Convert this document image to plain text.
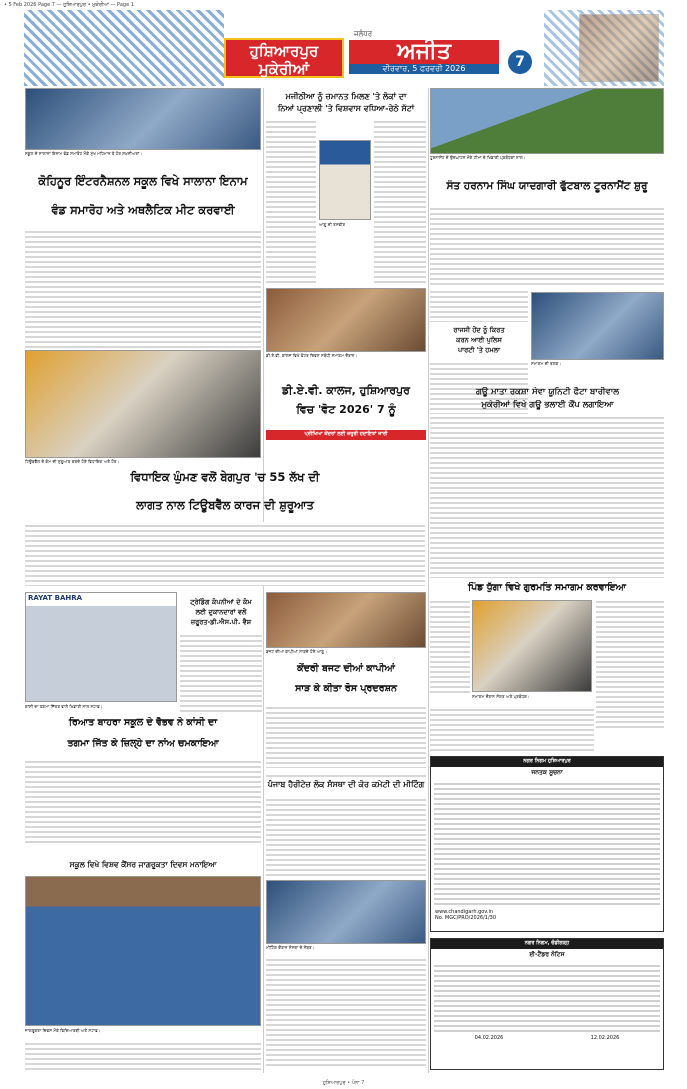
• 5 Feb 2026 Page 7 — ਹੁਸ਼ਿਆਰਪੁਰ • ਮੁਕੇਰੀਆਂ — Page 1
ਹੁਸ਼ਿਆਰਪੁਰ
ਮੁਕੇਰੀਆਂ
ਜਲੰਧਰ
ਅਜੀਤ
ਵੀਰਵਾਰ, 5 ਫਰਵਰੀ 2026	7
ਸਕੂਲ ਦੇ ਸਾਲਾਨਾ ਇਨਾਮ ਵੰਡ ਸਮਾਰੋਹ ਮੌਕੇ ਮੁੱਖ ਮਹਿਮਾਨ ਤੇ ਹੋਰ ਸ਼ਖ਼ਸੀਅਤਾਂ।
ਕੋਹਿਨੂਰ ਇੰਟਰਨੈਸ਼ਨਲ ਸਕੂਲ ਵਿਖੇ ਸਾਲਾਨਾ ਇਨਾਮ
ਵੰਡ ਸਮਾਰੋਹ ਅਤੇ ਅਥਲੈਟਿਕ ਮੀਟ ਕਰਵਾਈ
ਟਿਊਬਵੈੱਲ ਦੇ ਕੰਮ ਦੀ ਸ਼ੁਰੂਆਤ ਕਰਦੇ ਹੋਏ ਵਿਧਾਇਕ ਅਤੇ ਹੋਰ।
ਮਜੀਠੀਆ ਨੂੰ ਜ਼ਮਾਨਤ ਮਿਲਣ 'ਤੇ ਲੋਕਾਂ ਦਾ
ਨਿਆਂ ਪ੍ਰਣਾਲੀ 'ਤੇ ਵਿਸ਼ਵਾਸ ਵਧਿਆ-ਰੇਠੇ ਸੱਟਾਂ
ਆਗੂ ਦੀ ਤਸਵੀਰ
ਡੀ.ਏ.ਵੀ. ਕਾਲਜ ਵਿਖੇ ਵੋਟਰ ਦਿਵਸ ਸਬੰਧੀ ਸਮਾਗਮ ਦੌਰਾਨ।
ਡੀ.ਏ.ਵੀ. ਕਾਲਜ, ਹੁਸ਼ਿਆਰਪੁਰ
ਵਿਚ 'ਵੋਟ 2026' 7 ਨੂੰ
ਪ੍ਰੀਖਿਆ ਕੇਂਦਰਾਂ ਲਈ ਜ਼ਰੂਰੀ ਹਦਾਇਤਾਂ ਜਾਰੀ
ਟੂਰਨਾਮੈਂਟ ਦੇ ਉਦਘਾਟਨ ਮੌਕੇ ਟੀਮਾਂ ਦੇ ਖਿਡਾਰੀ ਪ੍ਰਬੰਧਕਾਂ ਨਾਲ।
ਸੰਤ ਹਰਨਾਮ ਸਿੰਘ ਯਾਦਗਾਰੀ ਫੁੱਟਬਾਲ ਟੂਰਨਾਮੈਂਟ ਸ਼ੁਰੂ
ਰਾਜਸੀ ਹੋਂਦ ਨੂੰ ਕਿਰਤ
ਕਰਨ ਆਈ ਪੁਲਿਸ
ਪਾਰਟੀ 'ਤੇ ਹਮਲਾ
ਸਮਾਗਮ ਦੀ ਝਲਕ।
ਗਊ ਮਾਤਾ ਰਕਸ਼ਾ ਸੇਵਾ ਯੂਨਿਟੀ ਫੈਟਾ ਬਾਰੀਵਾਲ
ਮੁਕੇਰੀਆਂ ਵਿਖੇ ਗਊ ਭਲਾਈ ਕੈਂਪ ਲਗਾਇਆ
ਵਿਧਾਇਕ ਘੁੰਮਣ ਵਲੋਂ ਬੇਗਪੁਰ 'ਚ 55 ਲੱਖ ਦੀ
ਲਾਗਤ ਨਾਲ ਟਿਊਬਵੈੱਲ ਕਾਰਜ ਦੀ ਸ਼ੁਰੂਆਤ
RAYAT BAHRA
ਕਾਂਸੀ ਦਾ ਤਗਮਾ ਜਿੱਤਣ ਵਾਲੇ ਖਿਡਾਰੀ ਨਾਲ ਸਟਾਫ਼।
ਰਿਆਤ ਬਾਹਰਾ ਸਕੂਲ ਦੇ ਵੈਭਵ ਨੇ ਕਾਂਸੀ ਦਾ
ਤਗਮਾ ਜਿੱਤ ਕੇ ਜ਼ਿਲ੍ਹੇ ਦਾ ਨਾਂਅ ਚਮਕਾਇਆ
ਟ੍ਰੇਡਿੰਗ ਕੰਪਨੀਆਂ ਦੇ ਕੰਮ
ਲਈ ਦੁਕਾਨਦਾਰਾਂ ਵਲੋਂ
ਜ਼ਰੂਰਤ-ਡੀ.ਐਸ.ਪੀ. ਵੈਸ਼
ਬਜਟ ਦੀਆਂ ਕਾਪੀਆਂ ਸਾੜਦੇ ਹੋਏ ਆਗੂ।
ਕੇਂਦਰੀ ਬਜਟ ਦੀਆਂ ਕਾਪੀਆਂ
ਸਾੜ ਕੇ ਕੀਤਾ ਰੋਸ ਪ੍ਰਦਰਸ਼ਨ
ਪਿੰਡ ਧੁੱਗਾ ਵਿਖੇ ਗੁਰਮਤਿ ਸਮਾਗਮ ਕਰਵਾਇਆ
ਸਮਾਗਮ ਦੌਰਾਨ ਸੰਗਤ ਅਤੇ ਪ੍ਰਬੰਧਕ।
ਨਗਰ ਨਿਗਮ ਹੁਸ਼ਿਆਰਪੁਰ
ਜਨਤਕ ਸੂਚਨਾ
www.chandigarh.gov.in
No. MGC/PRO/2026/1/30
ਪੰਜਾਬ ਹੈਰੀਟੇਜ਼ ਲੋਕ ਸੰਸਥਾ ਦੀ ਕੋਰ ਕਮੇਟੀ ਦੀ ਮੀਟਿੰਗ
ਮੀਟਿੰਗ ਦੌਰਾਨ ਸੰਸਥਾ ਦੇ ਮੈਂਬਰ।
ਸਕੂਲ ਵਿਖੇ ਵਿਸ਼ਵ ਕੈਂਸਰ ਜਾਗਰੂਕਤਾ ਦਿਵਸ ਮਨਾਇਆ
ਜਾਗਰੂਕਤਾ ਦਿਵਸ ਮੌਕੇ ਵਿਦਿਆਰਥੀ ਅਤੇ ਸਟਾਫ਼।
ਨਗਰ ਨਿਗਮ, ਚੰਡੀਗੜ੍ਹ
ਈ-ਟੈਂਡਰ ਨੋਟਿਸ
04.02.2026	12.02.2026
ਹੁਸ਼ਿਆਰਪੁਰ • ਪੰਨਾ 7
